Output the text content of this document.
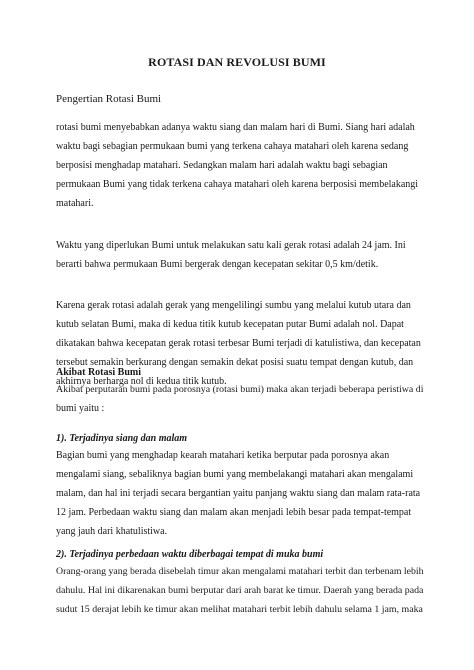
ROTASI DAN REVOLUSI BUMI
Pengertian Rotasi Bumi

rotasi bumi menyebabkan adanya waktu siang dan malam hari di Bumi. Siang hari adalah
waktu bagi sebagian permukaan bumi yang terkena cahaya matahari oleh karena sedang
berposisi menghadap matahari. Sedangkan malam hari adalah waktu bagi sebagian
permukaan Bumi yang tidak terkena cahaya matahari oleh karena berposisi membelakangi
matahari.

Waktu yang diperlukan Bumi untuk melakukan satu kali gerak rotasi adalah 24 jam. Ini
berarti bahwa permukaan Bumi bergerak dengan kecepatan sekitar 0,5 km/detik.

Karena gerak rotasi adalah gerak yang mengelilingi sumbu yang melalui kutub utara dan
kutub selatan Bumi, maka di kedua titik kutub kecepatan putar Bumi adalah nol. Dapat
dikatakan bahwa kecepatan gerak rotasi terbesar Bumi terjadi di katulistiwa, dan kecepatan
tersebut semakin berkurang dengan semakin dekat posisi suatu tempat dengan kutub, dan
akhirnya berharga nol di kedua titik kutub.

Akibat Rotasi Bumi

Akibat perputaran bumi pada porosnya (rotasi bumi) maka akan terjadi beberapa peristiwa di
bumi yaitu :

1). Terjadinya siang dan malam

Bagian bumi yang menghadap kearah matahari ketika berputar pada porosnya akan
mengalami siang, sebaliknya bagian bumi yang membelakangi matahari akan mengalami
malam, dan hal ini terjadi secara bergantian yaitu panjang waktu siang dan malam rata-rata
12 jam. Perbedaan waktu siang dan malam akan menjadi lebih besar pada tempat-tempat
yang jauh dari khatulistiwa.

2). Terjadinya perbedaan waktu diberbagai tempat di muka bumi

Orang-orang yang berada disebelah timur akan mengalami matahari terbit dan terbenam lebih
dahulu. Hal ini dikarenakan bumi berputar dari arah barat ke timur. Daerah yang berada pada
sudut 15 derajat lebih ke timur akan melihat matahari terbit lebih dahulu selama 1 jam, maka
